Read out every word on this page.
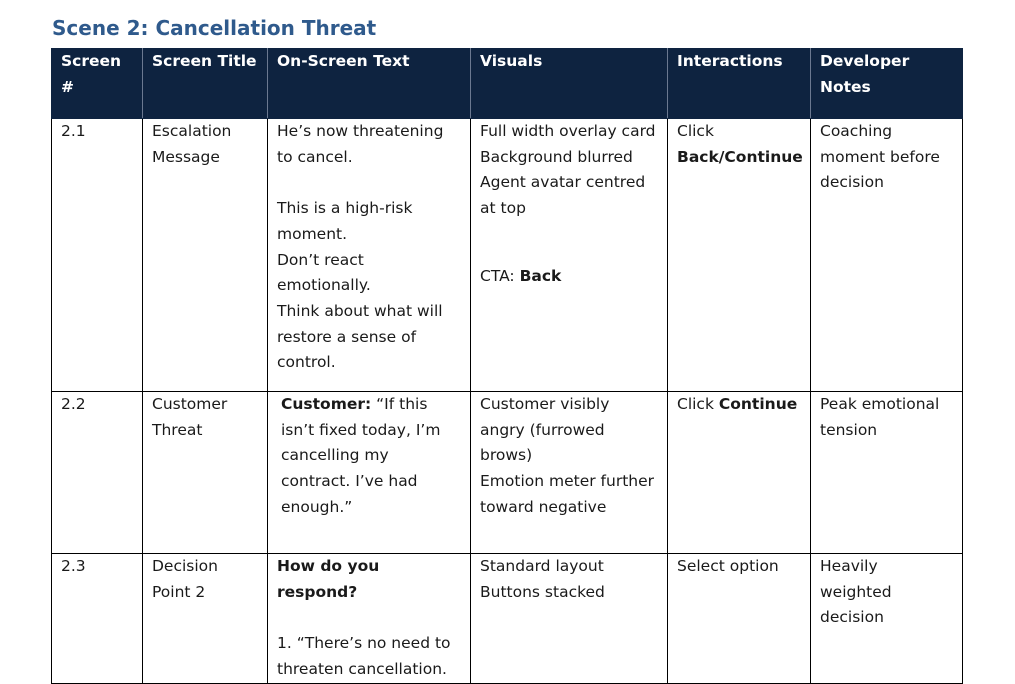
Scene 2: Cancellation Threat
Screen #	Screen Title	On-Screen Text	Visuals	Interactions	Developer Notes
2.1	Escalation Message	He’s now threatening to cancel.
This is a high-risk moment.
Don’t react emotionally.
Think about what will restore a sense of control.	Full width overlay card
Background blurred
Agent avatar centred at top
CTA: Back	Click
Back/Continue	Coaching moment before decision
2.2	Customer Threat	Customer: “If this isn’t fixed today, I’m cancelling my contract. I’ve had enough.”	Customer visibly angry (furrowed brows)
Emotion meter further toward negative	Click Continue	Peak emotional tension
2.3	Decision Point 2	How do you respond?
1. “There’s no need to threaten cancellation.	Standard layout
Buttons stacked	Select option	Heavily weighted decision
